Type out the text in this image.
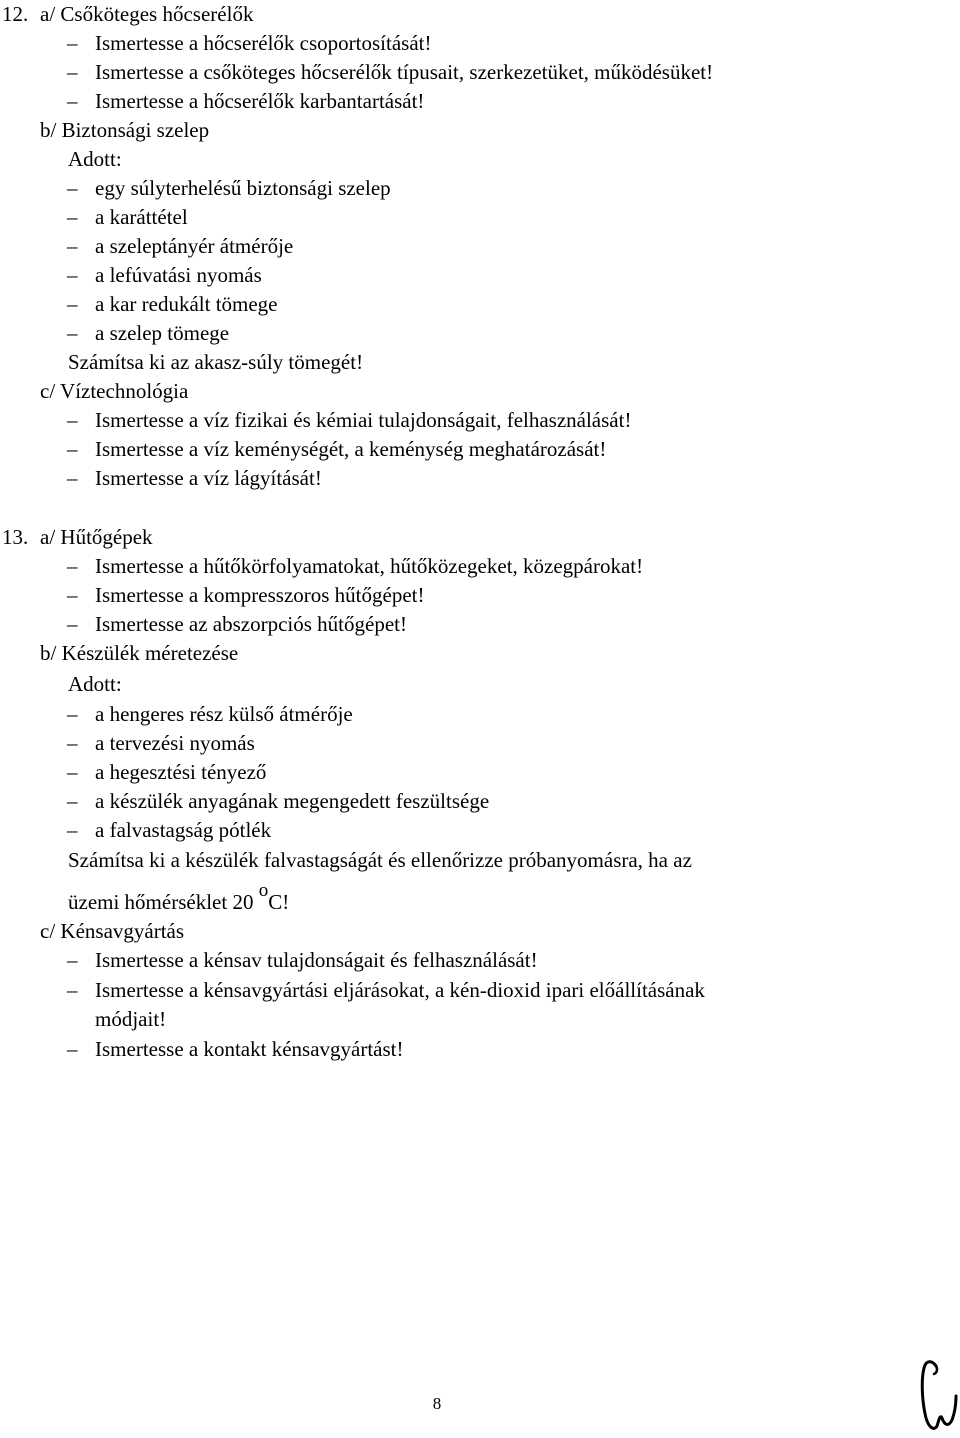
12. a/ Csőköteges hőcserélők
– Ismertesse a hőcserélők csoportosítását!
– Ismertesse a csőköteges hőcserélők típusait, szerkezetüket, működésüket!
– Ismertesse a hőcserélők karbantartását!
b/ Biztonsági szelep
Adott:
– egy súlyterhelésű biztonsági szelep
– a karáttétel
– a szeleptányér átmérője
– a lefúvatási nyomás
– a kar redukált tömege
– a szelep tömege
Számítsa ki az akasz-súly tömegét!
c/ Víztechnológia
– Ismertesse a víz fizikai és kémiai tulajdonságait, felhasználását!
– Ismertesse a víz keménységét, a keménység meghatározását!
– Ismertesse a víz lágyítását!
13. a/ Hűtőgépek
– Ismertesse a hűtőkörfolyamatokat, hűtőközegeket, közegpárokat!
– Ismertesse a kompresszoros hűtőgépet!
– Ismertesse az abszorpciós hűtőgépet!
b/ Készülék méretezése
Adott:
– a hengeres rész külső átmérője
– a tervezési nyomás
– a hegesztési tényező
– a készülék anyagának megengedett feszültsége
– a falvastagság pótlék
Számítsa ki a készülék falvastagságát és ellenőrizze próbanyomásra, ha az
üzemi hőmérséklet 20 oC!
c/ Kénsavgyártás
– Ismertesse a kénsav tulajdonságait és felhasználását!
– Ismertesse a kénsavgyártási eljárásokat, a kén-dioxid ipari előállításának
módjait!
– Ismertesse a kontakt kénsavgyártást!
8
